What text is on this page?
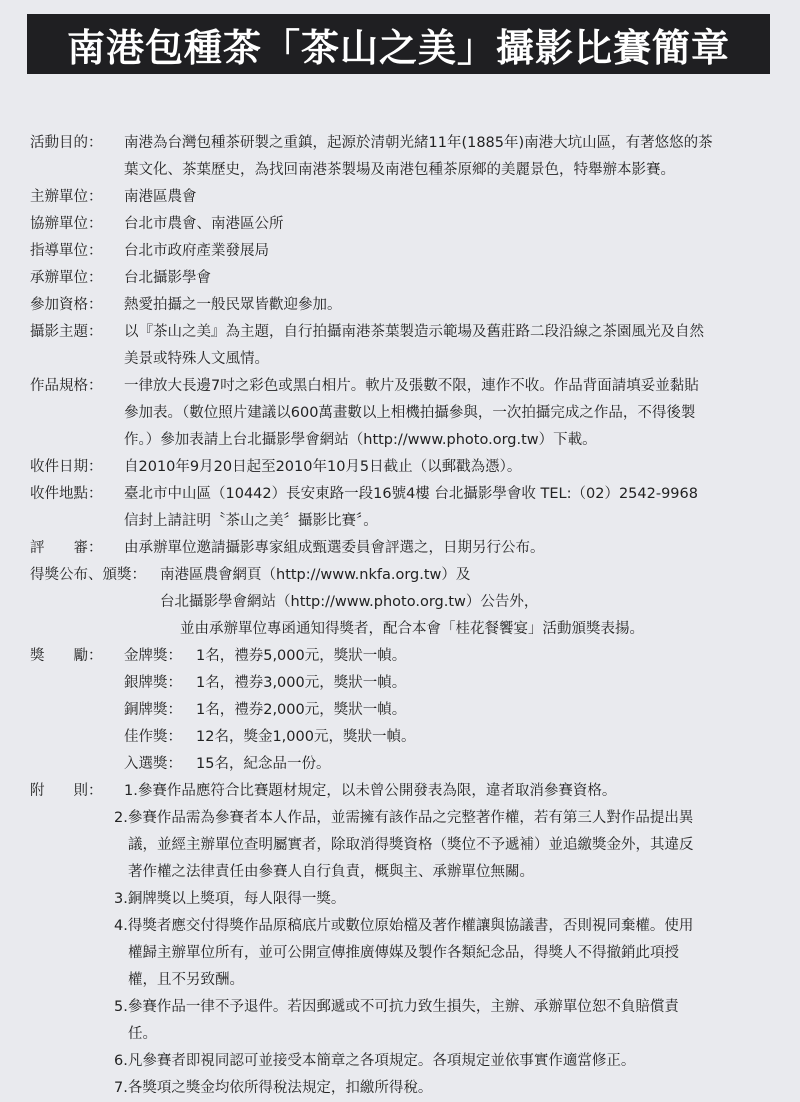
南港包種茶「茶山之美」攝影比賽簡章
活動目的：	南港為台灣包種茶研製之重鎮，起源於清朝光緒11年(1885年)南港大坑山區，有著悠悠的茶
葉文化、茶葉歷史，為找回南港茶製場及南港包種茶原鄉的美麗景色，特舉辦本影賽。
主辦單位：	南港區農會
協辦單位：	台北市農會、南港區公所
指導單位：	台北市政府產業發展局
承辦單位：	台北攝影學會
參加資格：	熱愛拍攝之一般民眾皆歡迎參加。
攝影主題：	以『茶山之美』為主題，自行拍攝南港茶葉製造示範場及舊莊路二段沿線之茶園風光及自然
美景或特殊人文風情。
作品規格：	一律放大長邊7吋之彩色或黑白相片。軟片及張數不限，連作不收。作品背面請填妥並黏貼
參加表。（數位照片建議以600萬畫數以上相機拍攝參與，一次拍攝完成之作品，不得後製
作。）參加表請上台北攝影學會網站（http://www.photo.org.tw）下載。
收件日期：	自2010年9月20日起至2010年10月5日截止（以郵戳為憑）。
收件地點：	臺北市中山區（10442）長安東路一段16號4樓 台北攝影學會收 TEL:（02）2542-9968
信封上請註明〝茶山之美〞攝影比賽〞。
評　　審：	由承辦單位邀請攝影專家組成甄選委員會評選之，日期另行公布。
得獎公布、頒獎： 南港區農會網頁（http://www.nkfa.org.tw）及
台北攝影學會網站（http://www.photo.org.tw）公告外，
並由承辦單位專函通知得獎者，配合本會「桂花餐饗宴」活動頒獎表揚。
獎　　勵：	金牌獎： 1名，禮券5,000元，獎狀一幀。
銀牌獎： 1名，禮券3,000元，獎狀一幀。
銅牌獎： 1名，禮券2,000元，獎狀一幀。
佳作獎： 12名，獎金1,000元，獎狀一幀。
入選獎： 15名，紀念品一份。
附　　則： 1.參賽作品應符合比賽題材規定，以未曾公開發表為限，違者取消參賽資格。
2.參賽作品需為參賽者本人作品，並需擁有該作品之完整著作權，若有第三人對作品提出異
議，並經主辦單位查明屬實者，除取消得獎資格（獎位不予遞補）並追繳獎金外，其違反
著作權之法律責任由參賽人自行負責，概與主、承辦單位無關。
3.銅牌獎以上獎項，每人限得一獎。
4.得獎者應交付得獎作品原稿底片或數位原始檔及著作權讓與協議書，否則視同棄權。使用
權歸主辦單位所有，並可公開宣傳推廣傳媒及製作各類紀念品，得獎人不得撤銷此項授
權，且不另致酬。
5.參賽作品一律不予退件。若因郵遞或不可抗力致生損失，主辦、承辦單位恕不負賠償責
任。
6.凡參賽者即視同認可並接受本簡章之各項規定。各項規定並依事實作適當修正。
7.各獎項之獎金均依所得稅法規定，扣繳所得稅。
